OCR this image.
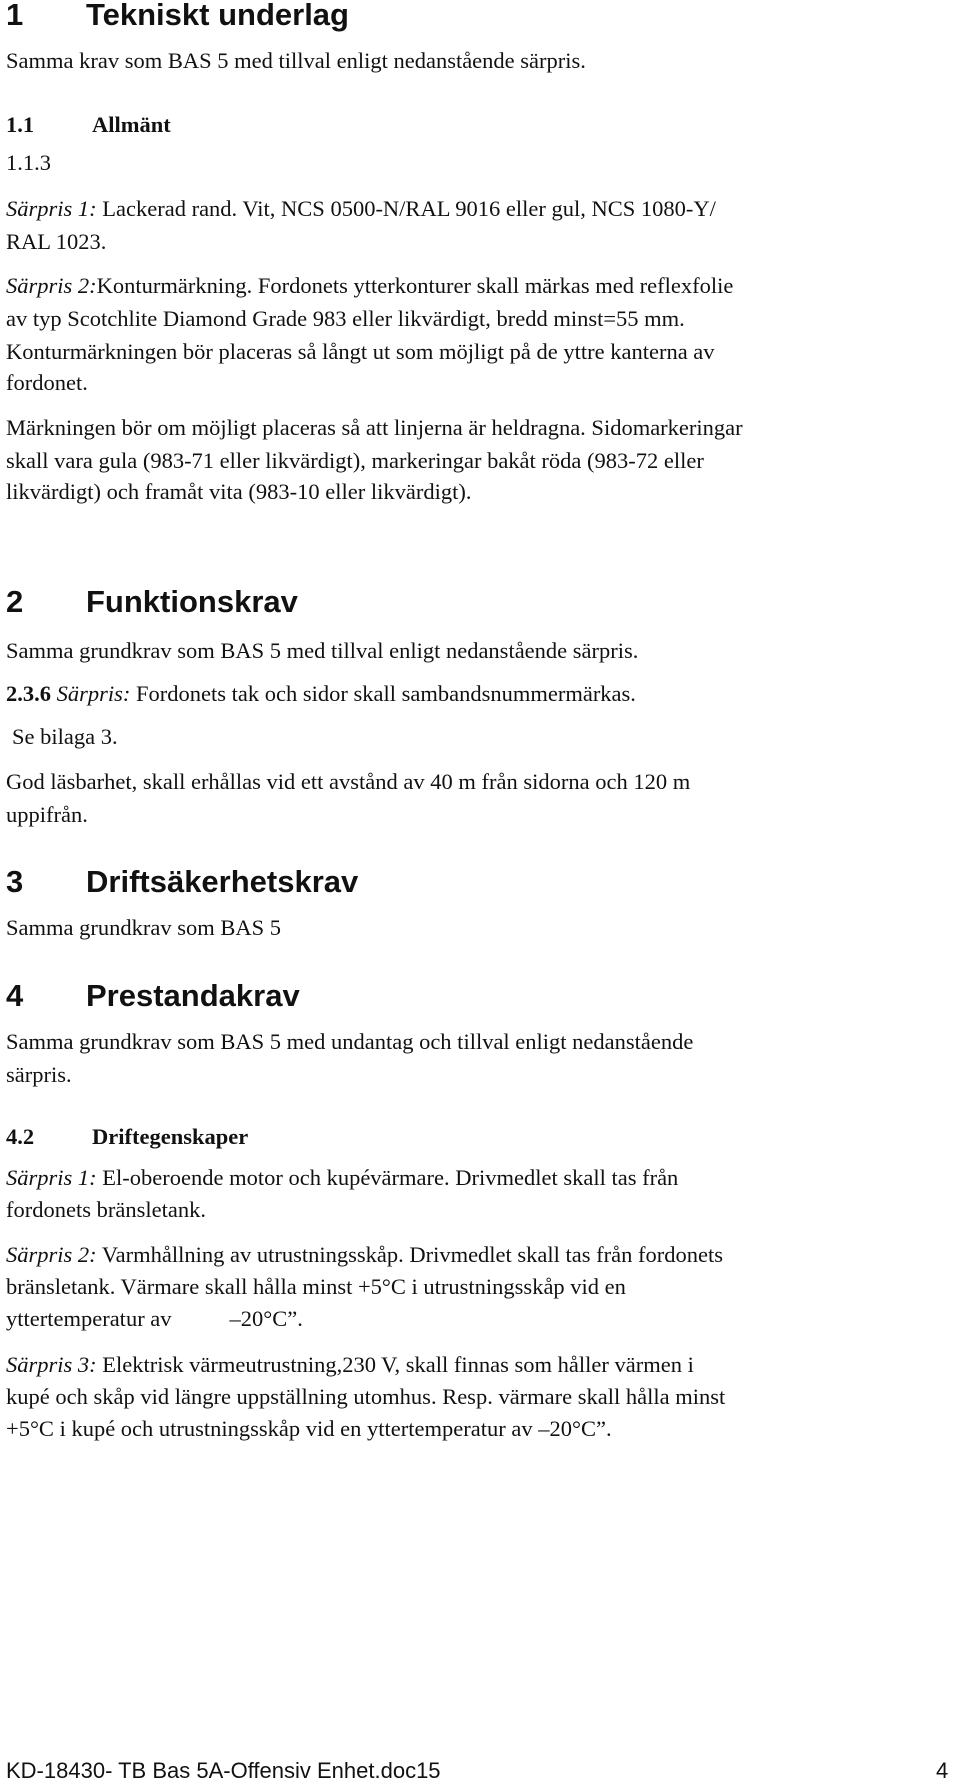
1 Tekniskt underlag

Samma krav som BAS 5 med tillval enligt nedanstående särpris.

1.1	Allmänt

1.1.3

Särpris 1: Lackerad rand. Vit, NCS 0500-N/RAL 9016 eller gul, NCS 1080-Y/

RAL 1023.

Särpris 2:Konturmärkning. Fordonets ytterkonturer skall märkas med reflexfolie

av typ Scotchlite Diamond Grade 983 eller likvärdigt, bredd minst=55 mm.

Konturmärkningen bör placeras så långt ut som möjligt på de yttre kanterna av

fordonet.

Märkningen bör om möjligt placeras så att linjerna är heldragna. Sidomarkeringar

skall vara gula (983-71 eller likvärdigt), markeringar bakåt röda (983-72 eller

likvärdigt) och framåt vita (983-10 eller likvärdigt).

2 Funktionskrav

Samma grundkrav som BAS 5 med tillval enligt nedanstående särpris.

2.3.6 Särpris: Fordonets tak och sidor skall sambandsnummermärkas.

Se bilaga 3.

God läsbarhet, skall erhållas vid ett avstånd av 40 m från sidorna och 120 m

uppifrån.

3 Driftsäkerhetskrav

Samma grundkrav som BAS 5

4 Prestandakrav

Samma grundkrav som BAS 5 med undantag och tillval enligt nedanstående

särpris.

4.2	Driftegenskaper

Särpris 1: El-oberoende motor och kupévärmare. Drivmedlet skall tas från

fordonets bränsletank.

Särpris 2: Varmhållning av utrustningsskåp. Drivmedlet skall tas från fordonets

bränsletank. Värmare skall hålla minst +5°C i utrustningsskåp vid en

yttertemperatur av	–20°C”.

Särpris 3: Elektrisk värmeutrustning,230 V, skall finnas som håller värmen i

kupé och skåp vid längre uppställning utomhus. Resp. värmare skall hålla minst

+5°C i kupé och utrustningsskåp vid en yttertemperatur av –20°C”.

KD-18430- TB Bas 5A-Offensiv Enhet.doc15	4
